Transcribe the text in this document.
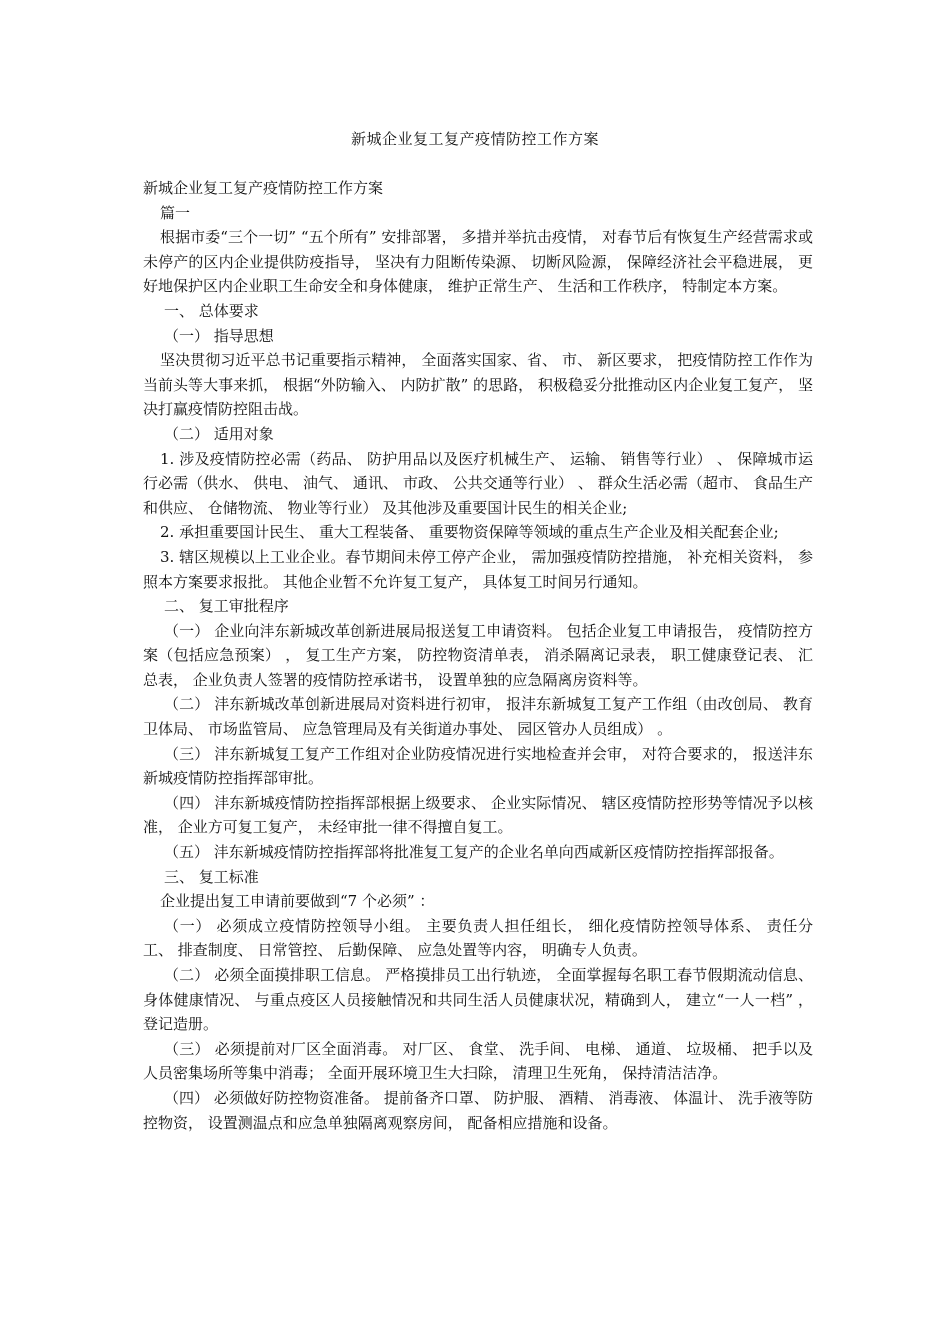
新城企业复工复产疫情防控工作方案

新城企业复工复产疫情防控工作方案

篇一

根据市委“三个一切” “五个所有” 安排部署， 多措并举抗击疫情， 对春节后有恢复生产经营需求或未停产的区内企业提供防疫指导， 坚决有力阻断传染源、 切断风险源， 保障经济社会平稳进展， 更好地保护区内企业职工生命安全和身体健康， 维护正常生产、 生活和工作秩序， 特制定本方案。

一、 总体要求

（一） 指导思想

坚决贯彻习近平总书记重要指示精神， 全面落实国家、省、 市、 新区要求， 把疫情防控工作作为当前头等大事来抓， 根据“外防输入、 内防扩散” 的思路， 积极稳妥分批推动区内企业复工复产， 坚决打赢疫情防控阻击战。

（二） 适用对象

1. 涉及疫情防控必需（药品、 防护用品以及医疗机械生产、 运输、 销售等行业） 、 保障城市运行必需（供水、 供电、 油气、 通讯、 市政、 公共交通等行业） 、 群众生活必需（超市、 食品生产和供应、 仓储物流、 物业等行业） 及其他涉及重要国计民生的相关企业;

2. 承担重要国计民生、 重大工程装备、 重要物资保障等领域的重点生产企业及相关配套企业;

3. 辖区规模以上工业企业。春节期间未停工停产企业， 需加强疫情防控措施， 补充相关资料， 参照本方案要求报批。 其他企业暂不允许复工复产， 具体复工时间另行通知。

二、 复工审批程序

（一） 企业向沣东新城改革创新进展局报送复工申请资料。 包括企业复工申请报告， 疫情防控方案（包括应急预案） ， 复工生产方案， 防控物资清单表， 消杀隔离记录表， 职工健康登记表、 汇总表， 企业负责人签署的疫情防控承诺书， 设置单独的应急隔离房资料等。

（二） 沣东新城改革创新进展局对资料进行初审， 报沣东新城复工复产工作组（由改创局、 教育卫体局、 市场监管局、 应急管理局及有关街道办事处、 园区管办人员组成） 。

（三） 沣东新城复工复产工作组对企业防疫情况进行实地检查并会审， 对符合要求的， 报送沣东新城疫情防控指挥部审批。

（四） 沣东新城疫情防控指挥部根据上级要求、 企业实际情况、 辖区疫情防控形势等情况予以核准， 企业方可复工复产， 未经审批一律不得擅自复工。

（五） 沣东新城疫情防控指挥部将批准复工复产的企业名单向西咸新区疫情防控指挥部报备。

三、 复工标准

企业提出复工申请前要做到“7 个必须” ：

（一） 必须成立疫情防控领导小组。 主要负责人担任组长， 细化疫情防控领导体系、 责任分工、 排查制度、 日常管控、 后勤保障、 应急处置等内容， 明确专人负责。

（二） 必须全面摸排职工信息。 严格摸排员工出行轨迹， 全面掌握每名职工春节假期流动信息、 身体健康情况、 与重点疫区人员接触情况和共同生活人员健康状况，精确到人， 建立“一人一档” ， 登记造册。

（三） 必须提前对厂区全面消毒。 对厂区、 食堂、 洗手间、 电梯、 通道、 垃圾桶、 把手以及人员密集场所等集中消毒； 全面开展环境卫生大扫除， 清理卫生死角， 保持清洁洁净。

（四） 必须做好防控物资准备。 提前备齐口罩、 防护服、 酒精、 消毒液、 体温计、 洗手液等防控物资， 设置测温点和应急单独隔离观察房间， 配备相应措施和设备。
